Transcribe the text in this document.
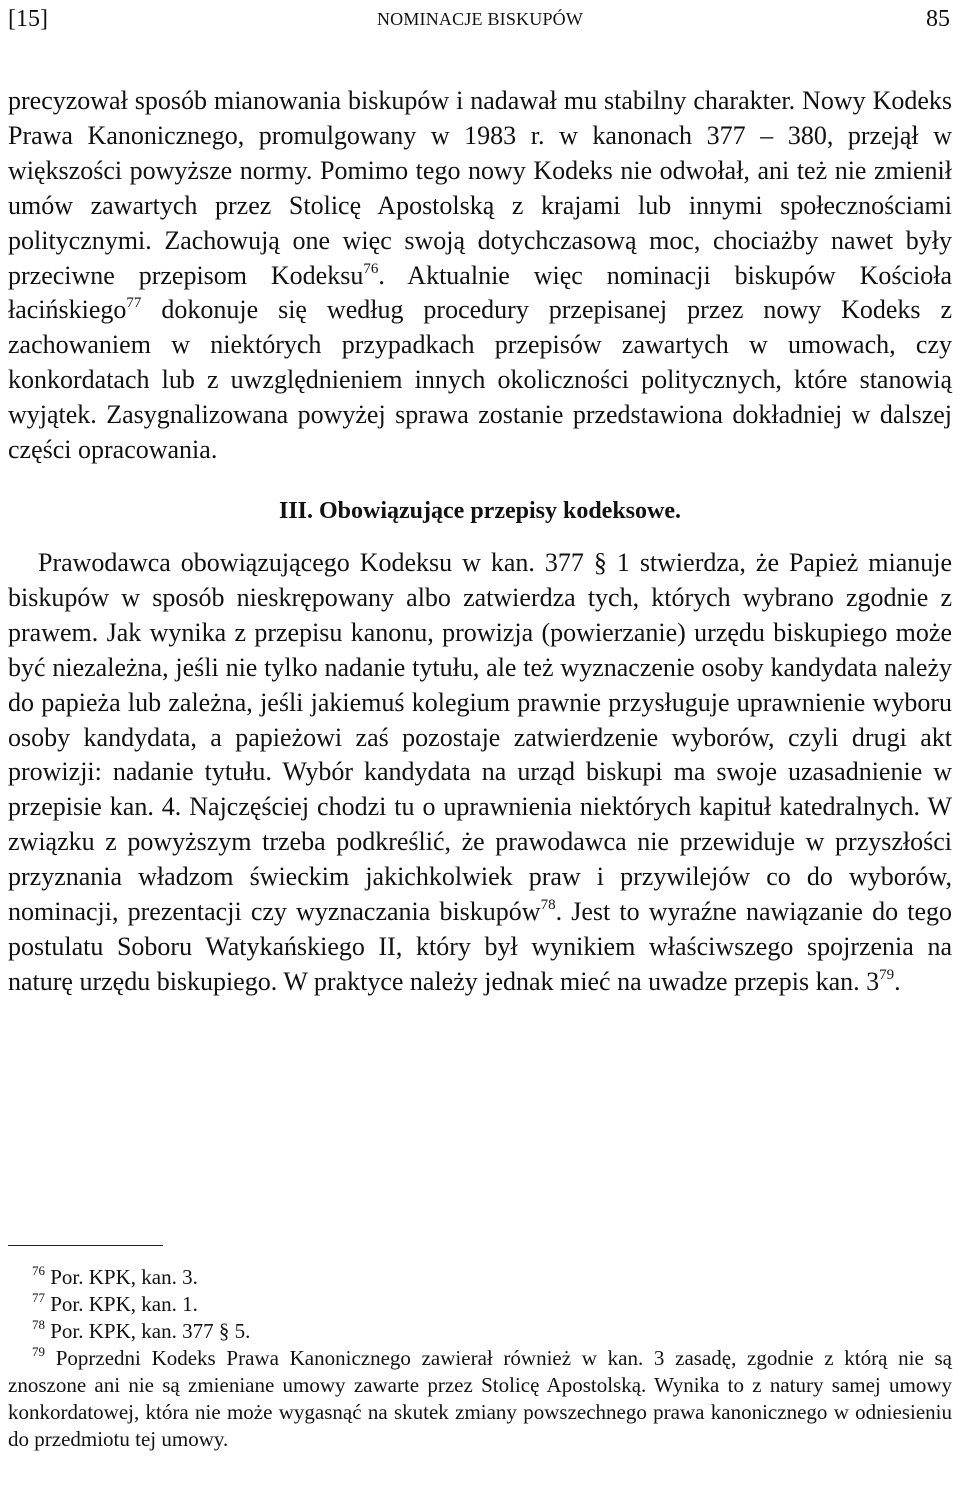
[15]	NOMINACJE BISKUPÓW	85

precyzował sposób mianowania biskupów i nadawał mu stabilny charakter. Nowy Kodeks Prawa Kanonicznego, promulgowany w 1983 r. w kanonach 377 – 380, przejął w większości powyższe normy. Pomimo tego nowy Kodeks nie odwołał, ani też nie zmienił umów zawartych przez Stolicę Apostolską z krajami lub innymi społecznościami politycznymi. Zachowują one więc swoją dotychczasową moc, chociażby nawet były przeciwne przepisom Kodeksu$^{76}$. Aktualnie więc nominacji biskupów Kościoła łacińskiego$^{77}$ dokonuje się według procedury przepisanej przez nowy Kodeks z zachowaniem w niektórych przypadkach przepisów zawartych w umowach, czy konkordatach lub z uwzględnieniem innych okoliczności politycznych, które stanowią wyjątek. Zasygnalizowana powyżej sprawa zostanie przedstawiona dokładniej w dalszej części opracowania.

III. Obowiązujące przepisy kodeksowe.

Prawodawca obowiązującego Kodeksu w kan. 377 § 1 stwierdza, że Papież mianuje biskupów w sposób nieskrępowany albo zatwierdza tych, których wybrano zgodnie z prawem. Jak wynika z przepisu kanonu, prowizja (powierzanie) urzędu biskupiego może być niezależna, jeśli nie tylko nadanie tytułu, ale też wyznaczenie osoby kandydata należy do papieża lub zależna, jeśli jakiemuś kolegium prawnie przysługuje uprawnienie wyboru osoby kandydata, a papieżowi zaś pozostaje zatwierdzenie wyborów, czyli drugi akt prowizji: nadanie tytułu. Wybór kandydata na urząd biskupi ma swoje uzasadnienie w przepisie kan. 4. Najczęściej chodzi tu o uprawnienia niektórych kapituł katedralnych. W związku z powyższym trzeba podkreślić, że prawodawca nie przewiduje w przyszłości przyznania władzom świeckim jakichkolwiek praw i przywilejów co do wyborów, nominacji, prezentacji czy wyznaczania biskupów$^{78}$. Jest to wyraźne nawiązanie do tego postulatu Soboru Watykańskiego II, który był wynikiem właściwszego spojrzenia na naturę urzędu biskupiego. W praktyce należy jednak mieć na uwadze przepis kan. $3^{79}$.

$^{76}$ Por. KPK, kan. 3.

$^{77}$ Por. KPK, kan. 1.

$^{78}$ Por. KPK, kan. 377 § 5.

$^{79}$ Poprzedni Kodeks Prawa Kanonicznego zawierał również w kan. 3 zasadę, zgodnie z którą nie są znoszone ani nie są zmieniane umowy zawarte przez Stolicę Apostolską. Wynika to z natury samej umowy konkordatowej, która nie może wygasnąć na skutek zmiany powszechnego prawa kanonicznego w odniesieniu do przedmiotu tej umowy.
